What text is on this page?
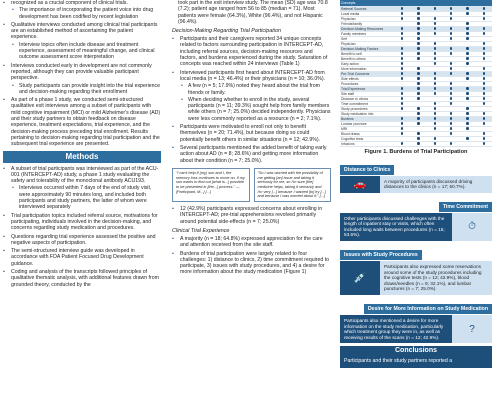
▪ recognized as a crucial component of clinical trials.
• The importance of incorporating the patient voice into drug development has been codified by recent legislation
▪ Qualitative interviews conducted among clinical trial participants are an established method of ascertaining the patient experience.
• Interview topics often include disease and treatment experience, assessment of meaningful change, and clinical outcome assessment score interpretation
▪ Interviews conducted early in development are not commonly reported, although they can provide valuable participant perspective.
• Study participants can provide insight into the trial experience and decision-making regarding their enrollment
▪ As part of a phase 1 study, we conducted semi-structured qualitative exit interviews among a subset of participants with mild cognitive impairment (MCI) or mild Alzheimer's disease (AD) and their study partners to obtain feedback on disease experience, treatment expectations, trial experience, and the decision-making process preceding trial enrollment. Results pertaining to decision-making regarding trial participation and the subsequent trial experience are presented.
Methods
▪ A subset of trial participants was interviewed as part of the ACU-001 (INTERCEPT-AD) study, a phase 1 study evaluating the safety and tolerability of the monoclonal antibody ACU193.
• Interviews occurred within 7 days of the end of study visit, were approximately 90 minutes long, and included both participants and study partners, the latter of whom were interviewed separately
▪ Trial participation topics included referral source, motivations for participating, individuals involved in the decision-making, and concerns regarding study medication and procedures.
▪ Questions regarding trial experience assessed the positive and negative aspects of participation.
▪ The semi-structured interview guide was developed in accordance with FDA Patient Focused Drug Development guidance.
▪ Coding and analysis of the transcripts followed principles of qualitative thematic analysis, with additional features drawn from grounded theory, conducted by the
took part in the exit interview study. The mean (SD) age was 70.8 (7.2); patient age ranged from 56 to 85 (median = 71). Most patients were female (64.3%), White (96.4%), and not Hispanic (96.4%).
Decision-Making Regarding Trial Participation
▪ Participants and their caregivers reported 34 unique concepts related to factors surrounding participation in INTERCEPT-AD, including referral sources, decision-making resources and factors, and burdens experienced during the study. Saturation of concepts was reached within 24 interviews (Table 1)
▪ Interviewed participants first heard about INTERCEPT-AD from local media (n = 13; 46.4%) or their physicians (n = 10; 36.0%).
• A few (n = 5; 17.9%) noted they heard about the trial from friends or family.
• When deciding whether to enroll in the study, several participants (n = 11; 39.3%) sought help from family members while others (n = 7; 25.0%) decided independently. Physicians were less commonly reported as a resource (n = 2; 7.1%).
▪ Participants were motivated to enroll not only to benefit themselves (n = 20; 71.4%), but because doing so could potentially benefit others in similar situations (n = 12; 42.9%).
▪ Several participants mentioned the added benefit of taking early action about AD (n = 8; 28.6%) and getting more information about their condition (n = 7; 25.0%).
"I can't help if (my) son and I, the memory loss continues to move on, if my son wants to find out [what is...] possible to be presented in [the...] process." — [Participant, M...] [...]
"So I was worried with the possibility of me getting [an] issue and taking it seriously for me, so I'm sure [the] medicine helps, taking it seriously and I'm very [...] because I wanted [to] try [...] and because I was worried about it." [...]
▪ 12 (42.9%) participants expressed concerns about enrolling in INTERCEPT-AD; pre-trial apprehensions revolved primarily around potential side-effects (n = 7; 25.0%)
Clinical Trial Experience
▪ A majority (n = 18; 64.8%) expressed appreciation for the care and attention received from the site staff.
▪ Burdens of trial participation were largely related to four challenges: 1) distance to clinics, 2) time commitment required to participate, 3) issues with study procedures, and 4) a desire for more information about the study medication (Figure 1)
Concepts						
Referral Sources						
Local media						
Physician						
Friends/family						
Decision-Making Resources						
Family members						
Self						
Physician						
Decision-Making Factors						
Benefit to self						
Benefit to others						
Early action						
More information						
Pre-Trial Concerns						
Side effects						
Procedures						
Trial Experience						
Site staff						
Distance to clinics						
Time commitment						
Study procedures						
Study medication info						
Burdens						
Lumbar puncture						
MRI						
Blood draws						
Cognitive tests						
Infusions						
Figure 1. Burdens of Trial Participation
Distance to Clinics
🚗	A majority of participants discussed driving distances to the clinics (n = 17; 60.7%).
Time Commitment
Other participants discussed challenges with the length of inpatient stay or visits, which often included long waits between procedures (n = 15; 53.6%).
⏱
Issues with Study Procedures
💉
Participants also expressed some reservations around some of the study procedures including the cognitive tests (n = 12; 42.9%), blood draws/needles (n = 9; 32.1%), and lumbar punctures (n = 7; 25.0%)
Desire for More Information on Study Medication
Participants also mentioned a desire for more information on the study medication, particularly which treatment group they were in, as well as receiving results of the scans (n = 12; 42.9%).
?
Conclusions
Participants and their study partners reported a
